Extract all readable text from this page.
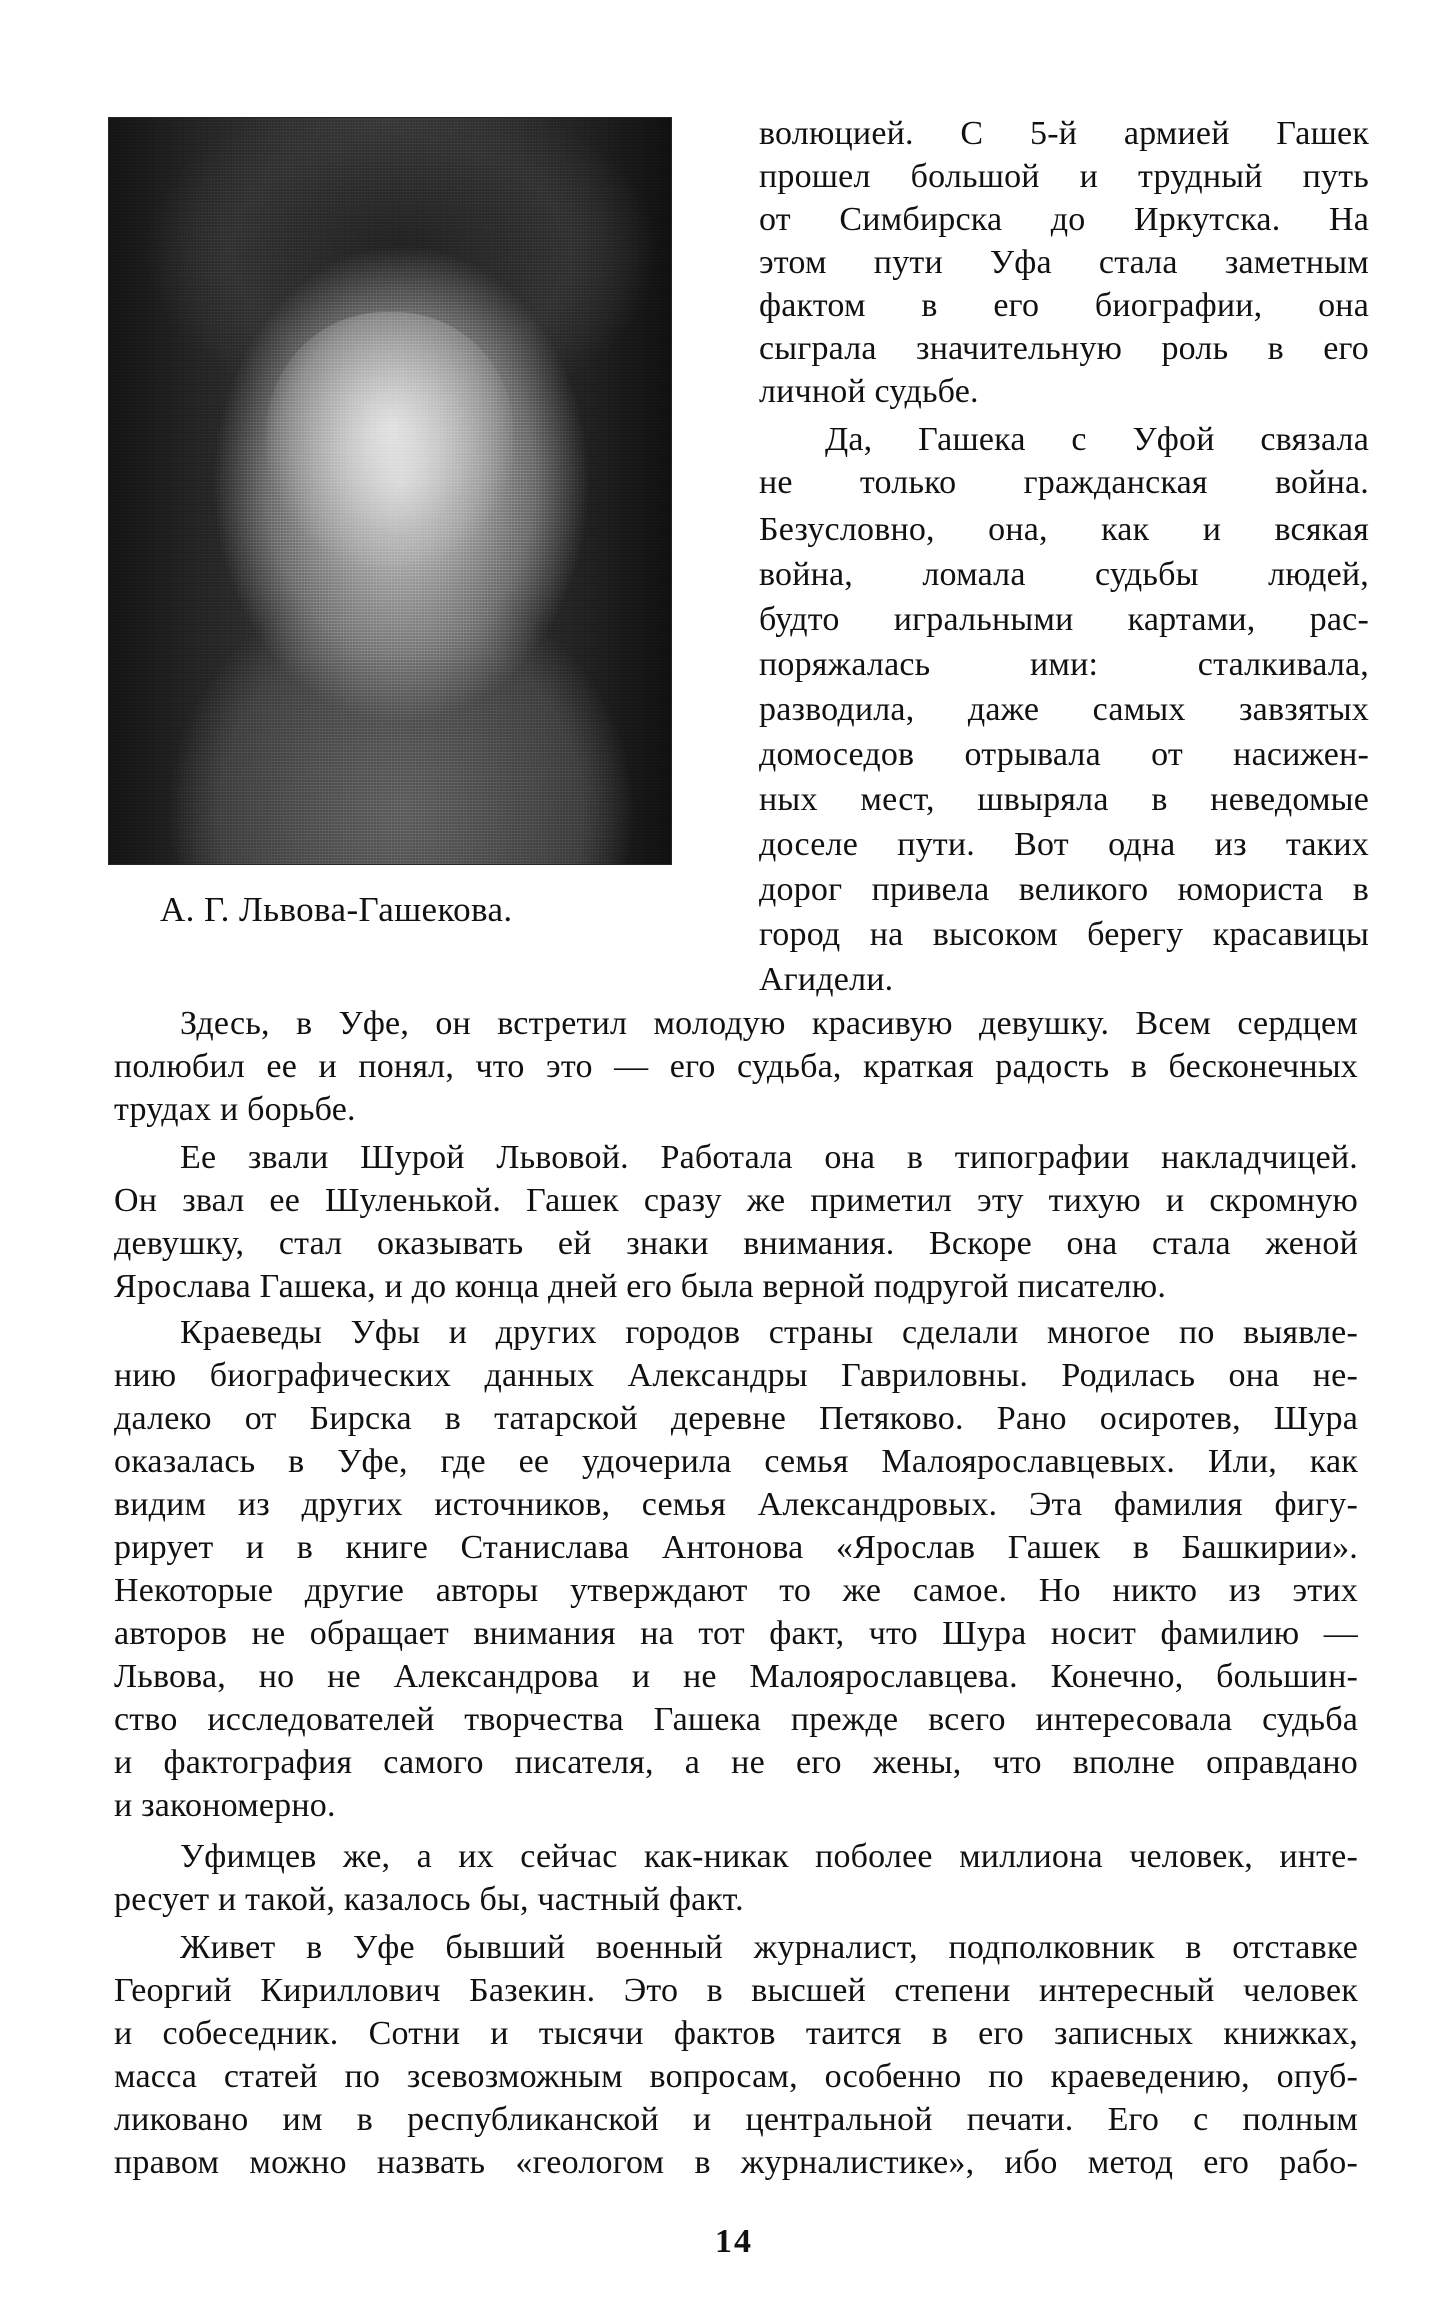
А. Г. Львова-Гашекова.
волюцией. С 5-й армией Гашек
прошел большой и трудный путь
от Симбирска до Иркутска. На
этом пути Уфа стала заметным
фактом в его биографии, она
сыграла значительную роль в его
личной судьбе.
Да, Гашека с Уфой связала
не только гражданская война.
Безусловно, она, как и всякая
война, ломала судьбы людей,
будто игральными картами, рас-
поряжалась ими: сталкивала,
разводила, даже самых завзятых
домоседов отрывала от насижен-
ных мест, швыряла в неведомые
доселе пути. Вот одна из таких
дорог привела великого юмориста в
город на высоком берегу красавицы
Агидели.
Здесь, в Уфе, он встретил молодую красивую девушку. Всем сердцем
полюбил ее и понял, что это — его судьба, краткая радость в бесконечных
трудах и борьбе.
Ее звали Шурой Львовой. Работала она в типографии накладчицей.
Он звал ее Шуленькой. Гашек сразу же приметил эту тихую и скромную
девушку, стал оказывать ей знаки внимания. Вскоре она стала женой
Ярослава Гашека, и до конца дней его была верной подругой писателю.
Краеведы Уфы и других городов страны сделали многое по выявле-
нию биографических данных Александры Гавриловны. Родилась она не-
далеко от Бирска в татарской деревне Петяково. Рано осиротев, Шура
оказалась в Уфе, где ее удочерила семья Малоярославцевых. Или, как
видим из других источников, семья Александровых. Эта фамилия фигу-
рирует и в книге Станислава Антонова «Ярослав Гашек в Башкирии».
Некоторые другие авторы утверждают то же самое. Но никто из этих
авторов не обращает внимания на тот факт, что Шура носит фамилию —
Львова, но не Александрова и не Малоярославцева. Конечно, большин-
ство исследователей творчества Гашека прежде всего интересовала судьба
и фактография самого писателя, а не его жены, что вполне оправдано
и закономерно.
Уфимцев же, а их сейчас как-никак поболее миллиона человек, инте-
ресует и такой, казалось бы, частный факт.
Живет в Уфе бывший военный журналист, подполковник в отставке
Георгий Кириллович Базекин. Это в высшей степени интересный человек
и собеседник. Сотни и тысячи фактов таится в его записных книжках,
масса статей по зсевозможным вопросам, особенно по краеведению, опуб-
ликовано им в республиканской и центральной печати. Его с полным
правом можно назвать «геологом в журналистике», ибо метод его рабо-
14
